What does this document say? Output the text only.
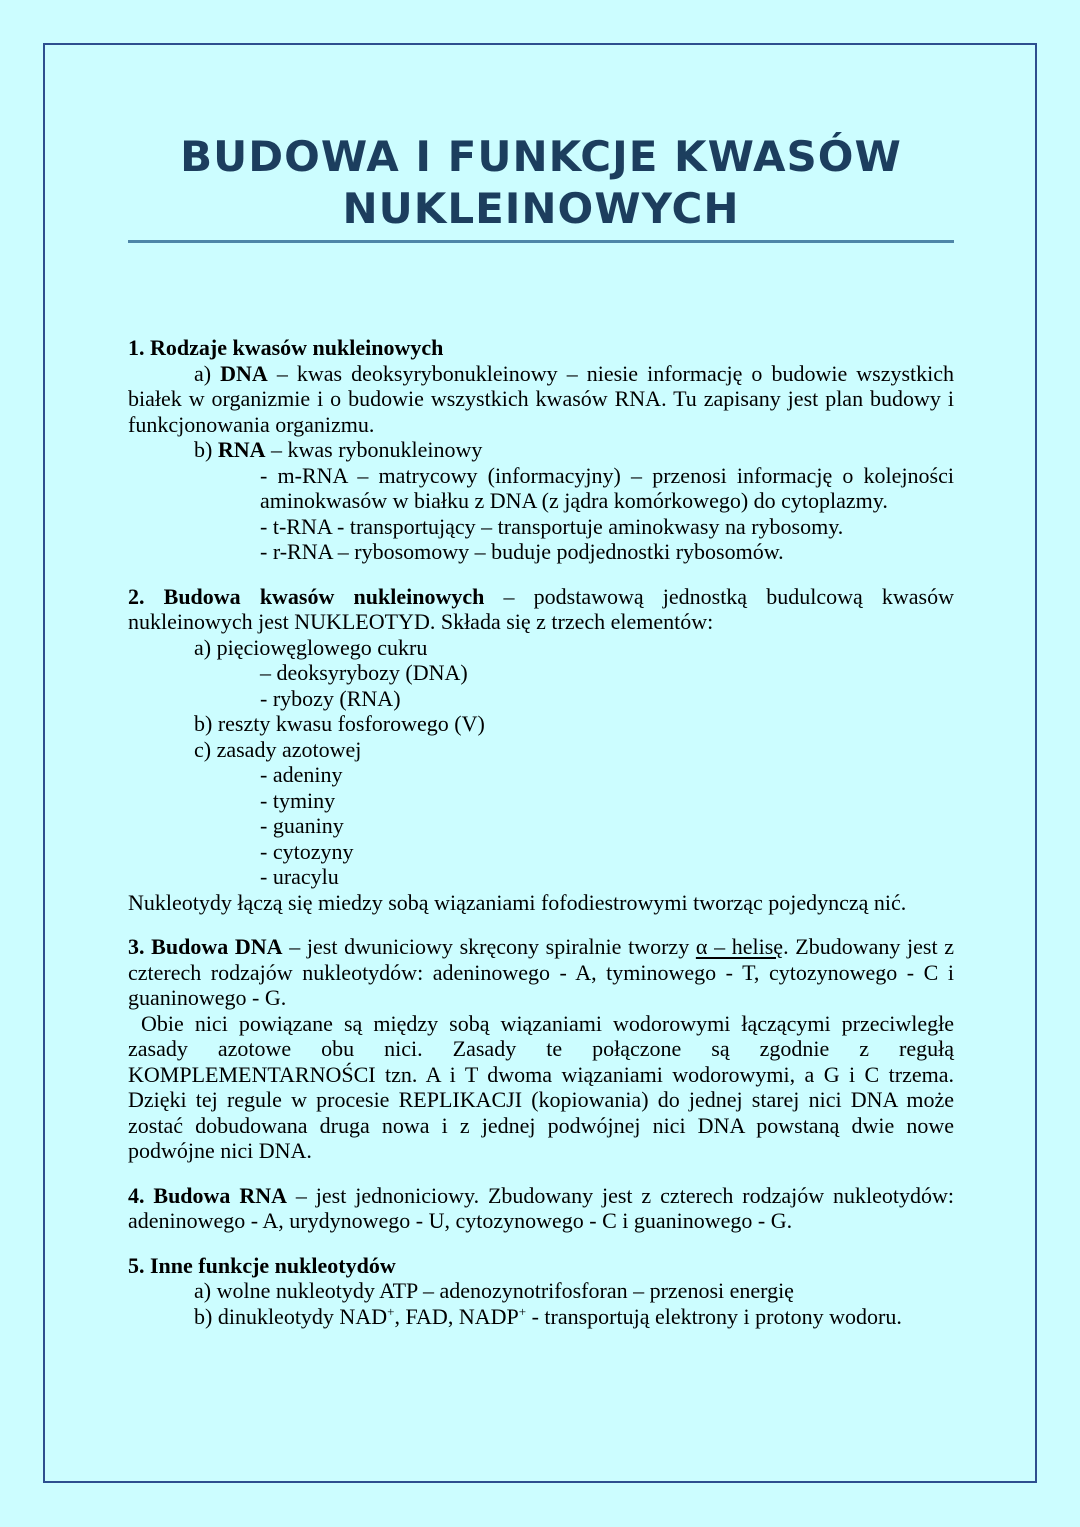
BUDOWA I FUNKCJE KWASÓW
NUKLEINOWYCH

1. Rodzaje kwasów nukleinowych

a) DNA – kwas deoksyrybonukleinowy – niesie informację o budowie wszystkich białek w organizmie i o budowie wszystkich kwasów RNA. Tu zapisany jest plan budowy i funkcjonowania organizmu.

b) RNA – kwas rybonukleinowy

- m-RNA – matrycowy (informacyjny) – przenosi informację o kolejności aminokwasów w białku z DNA (z jądra komórkowego) do cytoplazmy.

- t-RNA - transportujący – transportuje aminokwasy na rybosomy.

- r-RNA – rybosomowy – buduje podjednostki rybosomów.

2. Budowa kwasów nukleinowych – podstawową jednostką budulcową kwasów nukleinowych jest NUKLEOTYD. Składa się z trzech elementów:

a) pięciowęglowego cukru

– deoksyrybozy (DNA)

- rybozy (RNA)

b) reszty kwasu fosforowego (V)

c) zasady azotowej

- adeniny

- tyminy

- guaniny

- cytozyny

- uracylu

Nukleotydy łączą się miedzy sobą wiązaniami fofodiestrowymi tworząc pojedynczą nić.

3. Budowa DNA – jest dwuniciowy skręcony spiralnie tworzy α – helisę. Zbudowany jest z czterech rodzajów nukleotydów: adeninowego - A, tyminowego - T, cytozynowego - C i guaninowego - G.

Obie nici powiązane są między sobą wiązaniami wodorowymi łączącymi przeciwległe zasady azotowe obu nici. Zasady te połączone są zgodnie z regułą KOMPLEMENTARNOŚCI tzn. A i T dwoma wiązaniami wodorowymi, a G i C trzema. Dzięki tej regule w procesie REPLIKACJI (kopiowania) do jednej starej nici DNA może zostać dobudowana druga nowa i z jednej podwójnej nici DNA powstaną dwie nowe podwójne nici DNA.

4. Budowa RNA – jest jednoniciowy. Zbudowany jest z czterech rodzajów nukleotydów: adeninowego - A, urydynowego - U, cytozynowego - C i guaninowego - G.

5. Inne funkcje nukleotydów

a) wolne nukleotydy ATP – adenozynotrifosforan – przenosi energię

b) dinukleotydy NAD+, FAD, NADP+ - transportują elektrony i protony wodoru.
